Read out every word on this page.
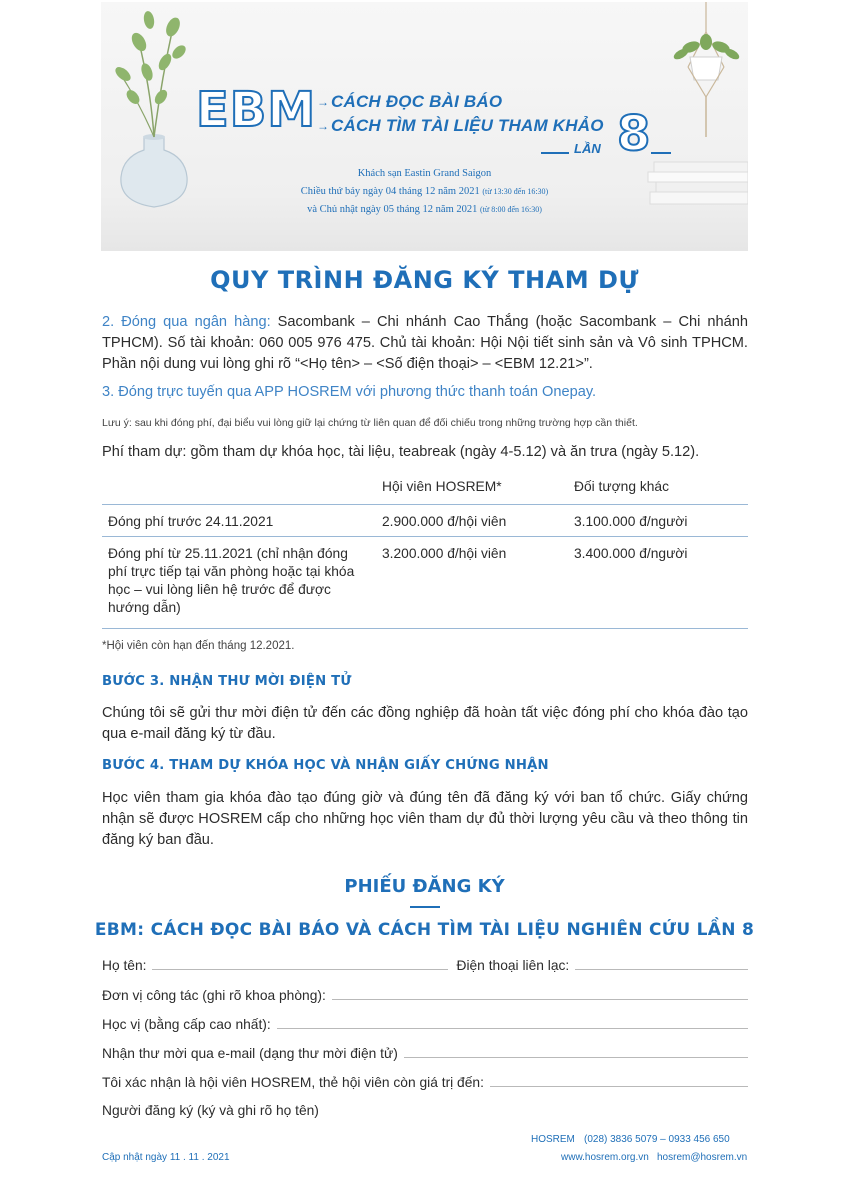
EBM →
→
CÁCH ĐỌC BÀI BÁO
CÁCH TÌM TÀI LIỆU THAM KHẢO
LẦN 8
Khách sạn Eastin Grand Saigon
Chiều thứ bảy ngày 04 tháng 12 năm 2021 (từ 13:30 đến 16:30)
và Chủ nhật ngày 05 tháng 12 năm 2021 (từ 8:00 đến 16:30)
QUY TRÌNH ĐĂNG KÝ THAM DỰ
2. Đóng qua ngân hàng: Sacombank – Chi nhánh Cao Thắng (hoặc Sacombank – Chi nhánh TPHCM). Số tài khoản: 060 005 976 475. Chủ tài khoản: Hội Nội tiết sinh sản và Vô sinh TPHCM. Phần nội dung vui lòng ghi rõ “<Họ tên> – <Số điện thoại> – <EBM 12.21>”.
3. Đóng trực tuyến qua APP HOSREM với phương thức thanh toán Onepay.
Lưu ý: sau khi đóng phí, đại biểu vui lòng giữ lại chứng từ liên quan để đối chiếu trong những trường hợp cần thiết.
Phí tham dự: gồm tham dự khóa học, tài liệu, teabreak (ngày 4-5.12) và ăn trưa (ngày 5.12).
	Hội viên HOSREM*	Đối tượng khác
Đóng phí trước 24.11.2021	2.900.000 đ/hội viên	3.100.000 đ/người
Đóng phí từ 25.11.2021 (chỉ nhận đóng phí trực tiếp tại văn phòng hoặc tại khóa học – vui lòng liên hệ trước để được hướng dẫn)	3.200.000 đ/hội viên	3.400.000 đ/người
*Hội viên còn hạn đến tháng 12.2021.
BƯỚC 3. NHẬN THƯ MỜI ĐIỆN TỬ
Chúng tôi sẽ gửi thư mời điện tử đến các đồng nghiệp đã hoàn tất việc đóng phí cho khóa đào tạo qua e-mail đăng ký từ đầu.
BƯỚC 4. THAM DỰ KHÓA HỌC VÀ NHẬN GIẤY CHỨNG NHẬN
Học viên tham gia khóa đào tạo đúng giờ và đúng tên đã đăng ký với ban tổ chức. Giấy chứng nhận sẽ được HOSREM cấp cho những học viên tham dự đủ thời lượng yêu cầu và theo thông tin đăng ký ban đầu.
PHIẾU ĐĂNG KÝ
EBM: CÁCH ĐỌC BÀI BÁO VÀ CÁCH TÌM TÀI LIỆU NGHIÊN CỨU LẦN 8
Họ tên:	Điện thoại liên lạc:
Đơn vị công tác (ghi rõ khoa phòng):
Học vị (bằng cấp cao nhất):
Nhận thư mời qua e-mail (dạng thư mời điện tử)
Tôi xác nhận là hội viên HOSREM, thẻ hội viên còn giá trị đến:
Người đăng ký (ký và ghi rõ họ tên)
Cập nhật ngày 11 . 11 . 2021
HOSREM (028) 3836 5079 – 0933 456 650
www.hosrem.org.vn hosrem@hosrem.vn
